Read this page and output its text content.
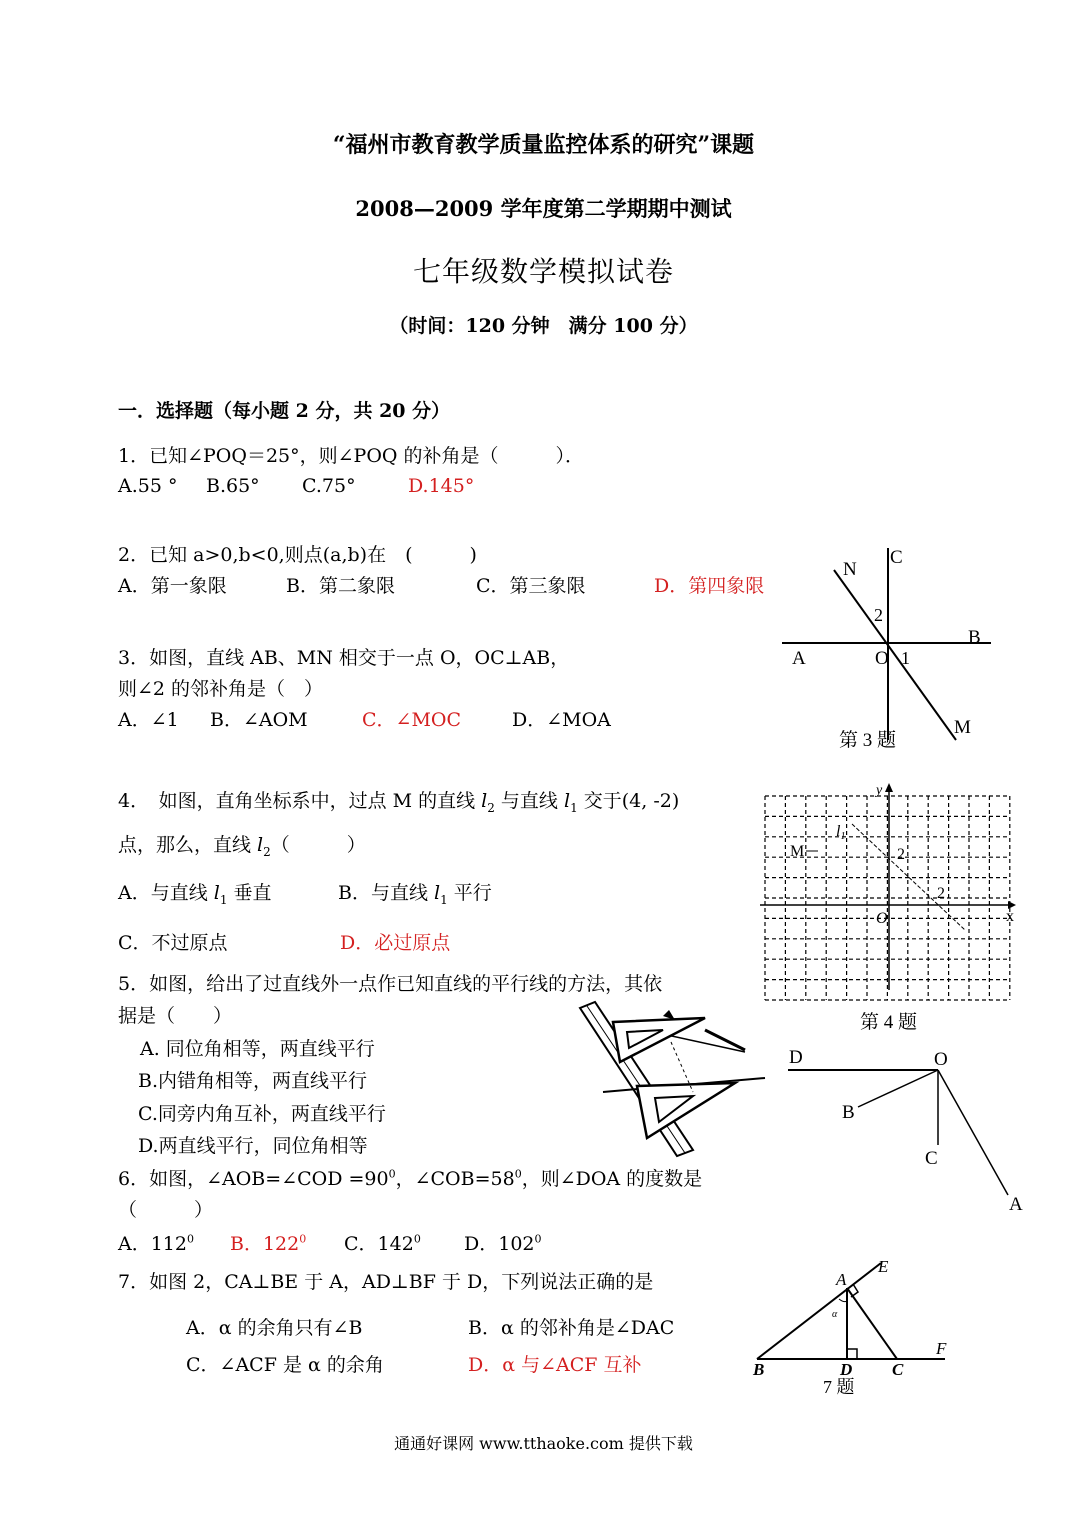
“福州市教育教学质量监控体系的研究”课题
2008—2009 学年度第二学期期中测试
七年级数学模拟试卷
（时间：120 分钟　满分 100 分）
一．选择题（每小题 2 分，共 20 分）
1．已知∠POQ＝25°，则∠POQ 的补角是（　　　）．
A.55 ° B.65° C.75°	D.145°
2．已知 a>0,b<0,则点(a,b)在　(　　　)
A．第一象限	B．第二象限	C．第三象限	D．第四象限
3．如图，直线 AB、MN 相交于一点 O，OC⊥AB，
则∠2 的邻补角是（　）
A．∠1 B．∠AOM	C．∠MOC	D．∠MOA
N
C
2
B
A	O 1
M
第 3 题
4．　如图，直角坐标系中，过点 M 的直线 $l_2$ 与直线 $l_1$ 交于(4, -2)
点，那么，直线 $l_2$（　　　）
A．与直线 $l_1$ 垂直	B．与直线 $l_1$ 平行
C．不过原点	D．必过原点
y
x
l1
M	2
2
O
第 4 题
5．如图，给出了过直线外一点作已知直线的平行线的方法，其依
据是（　　）
A. 同位角相等，两直线平行
B.内错角相等，两直线平行
C.同旁内角互补，两直线平行
D.两直线平行，同位角相等
6．如图，∠AOB=∠COD $=90^0$，$\angle COB=58^0$，则∠DOA 的度数是
（　　　）
A．$112^0$ B．$122^0$ C．$142^0$ D．$102^0$
D	O
B
C
A
7．如图 2，CA⊥BE 于 A，AD⊥BF 于 D，下列说法正确的是
A．α 的余角只有∠B	B．α 的邻补角是∠DAC
C．∠ACF 是 α 的余角	D．α 与∠ACF 互补
A
E
α
F
B	D C
7 题
通通好课网 www.tthaoke.com 提供下载
